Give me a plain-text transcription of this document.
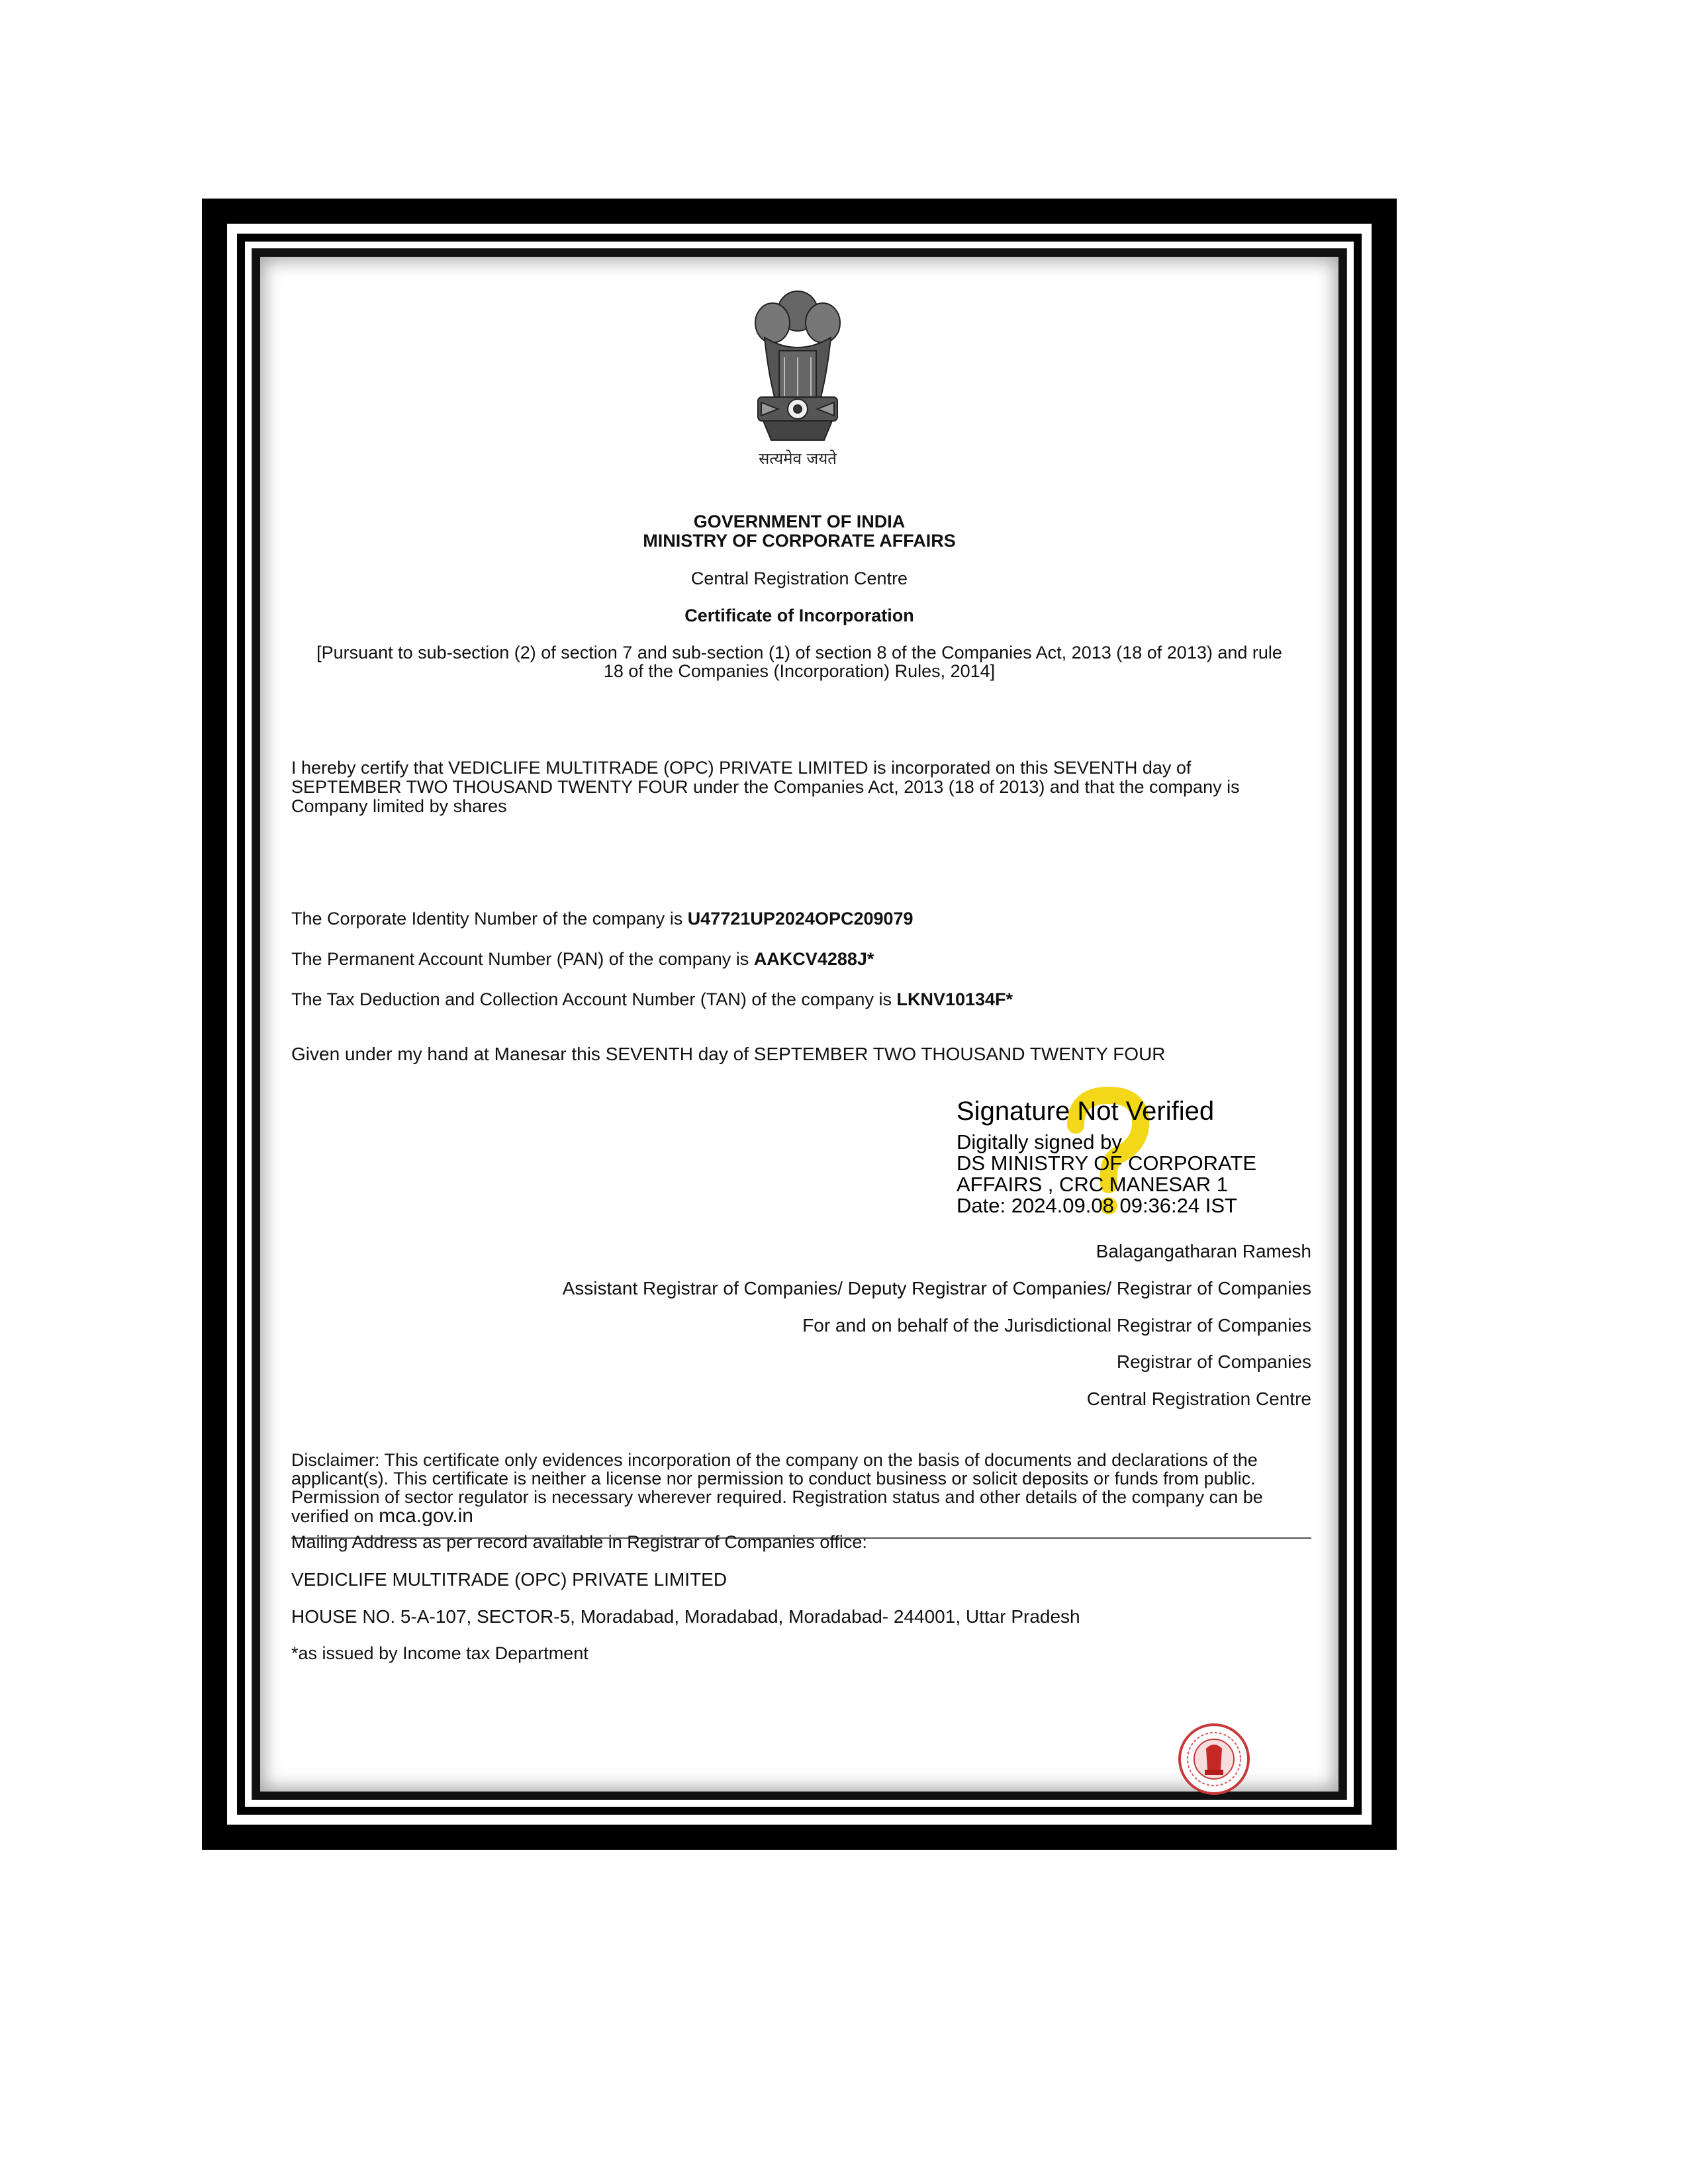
सत्यमेव जयते
GOVERNMENT OF INDIA
MINISTRY OF CORPORATE AFFAIRS
Central Registration Centre
Certificate of Incorporation
[Pursuant to sub-section (2) of section 7 and sub-section (1) of section 8 of the Companies Act, 2013 (18 of 2013) and rule
18 of the Companies (Incorporation) Rules, 2014]
I hereby certify that VEDICLIFE MULTITRADE (OPC) PRIVATE LIMITED is incorporated on this SEVENTH day of
SEPTEMBER TWO THOUSAND TWENTY FOUR under the Companies Act, 2013 (18 of 2013) and that the company is
Company limited by shares
The Corporate Identity Number of the company is U47721UP2024OPC209079
The Permanent Account Number (PAN) of the company is AAKCV4288J*
The Tax Deduction and Collection Account Number (TAN) of the company is LKNV10134F*
Given under my hand at Manesar this SEVENTH day of SEPTEMBER TWO THOUSAND TWENTY FOUR
Signature Not Verified
Digitally signed by
DS MINISTRY OF CORPORATE
AFFAIRS , CRC MANESAR 1
Date: 2024.09.08 09:36:24 IST
Balagangatharan Ramesh
Assistant Registrar of Companies/ Deputy Registrar of Companies/ Registrar of Companies
For and on behalf of the Jurisdictional Registrar of Companies
Registrar of Companies
Central Registration Centre
Disclaimer: This certificate only evidences incorporation of the company on the basis of documents and declarations of the
applicant(s). This certificate is neither a license nor permission to conduct business or solicit deposits or funds from public.
Permission of sector regulator is necessary wherever required. Registration status and other details of the company can be
verified on mca.gov.in
Mailing Address as per record available in Registrar of Companies office:
VEDICLIFE MULTITRADE (OPC) PRIVATE LIMITED
HOUSE NO. 5-A-107, SECTOR-5, Moradabad, Moradabad, Moradabad- 244001, Uttar Pradesh
*as issued by Income tax Department
